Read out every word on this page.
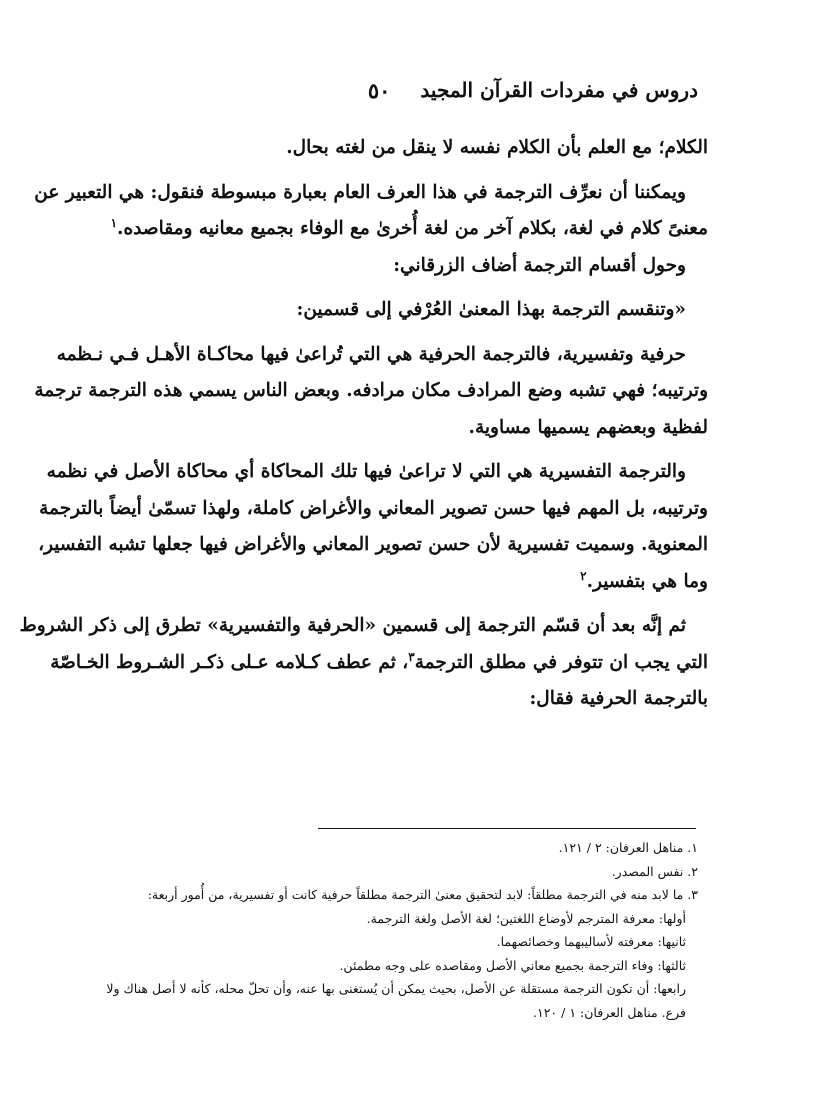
دروس في مفردات القرآن المجيد
٥٠
الكلام؛ مع العلم بأن الكلام نفسه لا ينقل من لغته بحال.
ويمكننا أن نعرِّف الترجمة في هذا العرف العام بعبارة مبسوطة فنقول: هي التعبير عن
معنىً كلام في لغة، بكلام آخر من لغة أُخرىٰ مع الوفاء بجميع معانيه ومقاصده.$^١$
وحول أقسام الترجمة أضاف الزرقاني:
«وتنقسم الترجمة بهذا المعنىٰ العُرْفي إلى قسمين:
حرفية وتفسيرية، فالترجمة الحرفية هي التي تُراعىٰ فيها محاكـاة الأهـل فـي نـظمه
وترتيبه؛ فهي تشبه وضع المرادف مكان مرادفه. وبعض الناس يسمي هذه الترجمة ترجمة
لفظية وبعضهم يسميها مساوية.
والترجمة التفسيرية هي التي لا تراعىٰ فيها تلك المحاكاة أي محاكاة الأصل في نظمه
وترتيبه، بل المهم فيها حسن تصوير المعاني والأغراض كاملة، ولهذا تسمّىٰ أيضاً بالترجمة
المعنوية. وسميت تفسيرية لأن حسن تصوير المعاني والأغراض فيها جعلها تشبه التفسير،
وما هي بتفسير.$^٢$
ثم إنَّه بعد أن قسّم الترجمة إلى قسمين «الحرفية والتفسيرية» تطرق إلى ذكر الشروط
التي يجب ان تتوفر في مطلق الترجمة$^٣$، ثم عطف كـلامه عـلى ذكـر الشـروط الخـاصّة
بالترجمة الحرفية فقال:
١. مناهل العرفان: ٢ / ١٢١.
٢. نفس المصدر.
٣. ما لابد منه في الترجمة مطلقاً: لابد لتحقيق معنىٰ الترجمة مطلقاً حرفية كانت أو تفسيرية، من أُمور أربعة:
أولها: معرفة المترجم لأوضاع اللغتين؛ لغة الأصل ولغة الترجمة.
ثانيها: معرفته لأساليبهما وخصائصهما.
ثالثها: وفاء الترجمة بجميع معاني الأصل ومقاصده على وجه مطمئن.
رابعها: أن تكون الترجمة مستقلة عن الأصل، بحيث يمكن أن يُستغنى بها عنه، وأن تحلّ محله، كأنه لا أصل هناك ولا
فرع. مناهل العرفان: ١ / ١٢٠.
